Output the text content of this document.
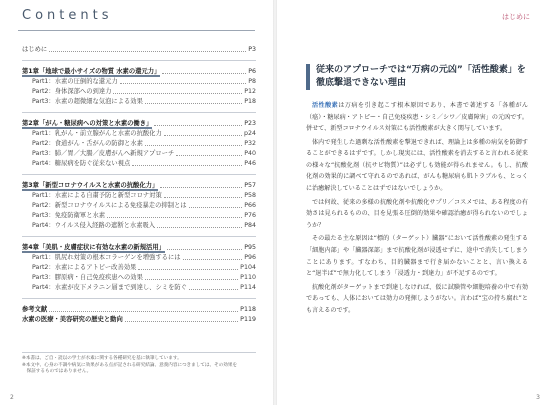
Contents
はじめに	P3
第1章「地球で最小サイズの物質 水素の還元力」	P6
Part1：水素の圧倒的な還元力	P8
Part2：身体深部への到達力	P12
Part3：水素の超微細な気泡による効果	P18
第2章「がん・糖尿病への対策と水素の働き」	P23
Part1：乳がん・前立腺がんと水素の抗酸化力	p24
Part2：食道がん・舌がんの防御と水素	P32
Part3：肺／胃／大腸／皮膚がんへ新規アプローチ	P40
Part4：糖尿病を防ぐ従来ない視点	P46
第3章「新型コロナウイルスと水素の抗酸化力」	P57
Part1：水素による自粛予防と新型コロナ対策	P58
Part2：新型コロナウイルスによる免疫暴走の抑制とは	P66
Part3：免疫防衛軍と水素	P76
Part4：ウイルス侵入経路の遮断と水素吸入	P84
第4章「美肌・皮膚症状に有効な水素の新規活用」	P95
Part1：肌尻れ対策の根本コラーゲンを増強するには	P96
Part2：水素によるアトピー改善効果	P104
Part3：膠原病・自己免疫疾患への効果	P110
Part4：水素が皮下メラニン層まで到達し、シミを防ぐ	P114
参考文献	P118
水素の医療・美容研究の歴史と動向	P119
※本書は、ご自・読以の学士が水素に関する各種研究を基に執筆しています。
※本文中、心身の不調や病気に効果がある点が記される研究結論、意義内容につきましては、その効果を
　保証するものではありません。
2
はじめに
従来のアプローチでは“万病の元凶”「活性酸素」を
徹底撃退できない理由

活性酸素は万病を引き起こす根本原因であり、本書で著述する「各種がん（癌）・糖尿病・アトピー・自己免疫疾患・シミ／シワ／皮膚障害」の元凶です。併せて、新型コロナウイルス対策にも活性酸素が大きく関与しています。

体内で発生した過剰な活性酸素を撃退できれば、理論上は多種の病気を防御することができるはずです。しかし現実には、活性酸素を消去すると言われる従来の様々な“抗酸化剤（抗サビ物質）”は必ずしも効能が得られません。もし、抗酸化剤の効果的に調べて守れるのであれば、がんも糖尿病も肌トラブルも、とっくに治癒解決していることはずではないでしょうか。

では何故、従来の多様の抗酸化剤や抗酸化サプリ／コスメでは、ある程度の有効さは見られるものの、目を見張る圧倒的効果や確認治癒が得られないのでしょうか？

その最たる主な原因は“標的（ターゲット）臓器”において活性酸素の発生する「細胞内部」や「臓器深部」まで抗酸化剤が浸透せずに、途中で消失してしまうことにあります。すなわち、目的臓器まで行き届かないことと、言い換えると“退半ば”で無力化してしまう「浸透力・到達力」が不足するのです。

抗酸化剤がターゲットまで到達しなければ、仮に試験管や細胞培養の中で有効であっても、人体においては効力の発揮しようがない。言わば“宝の持ち腐れ”とも言えるのです。

3
